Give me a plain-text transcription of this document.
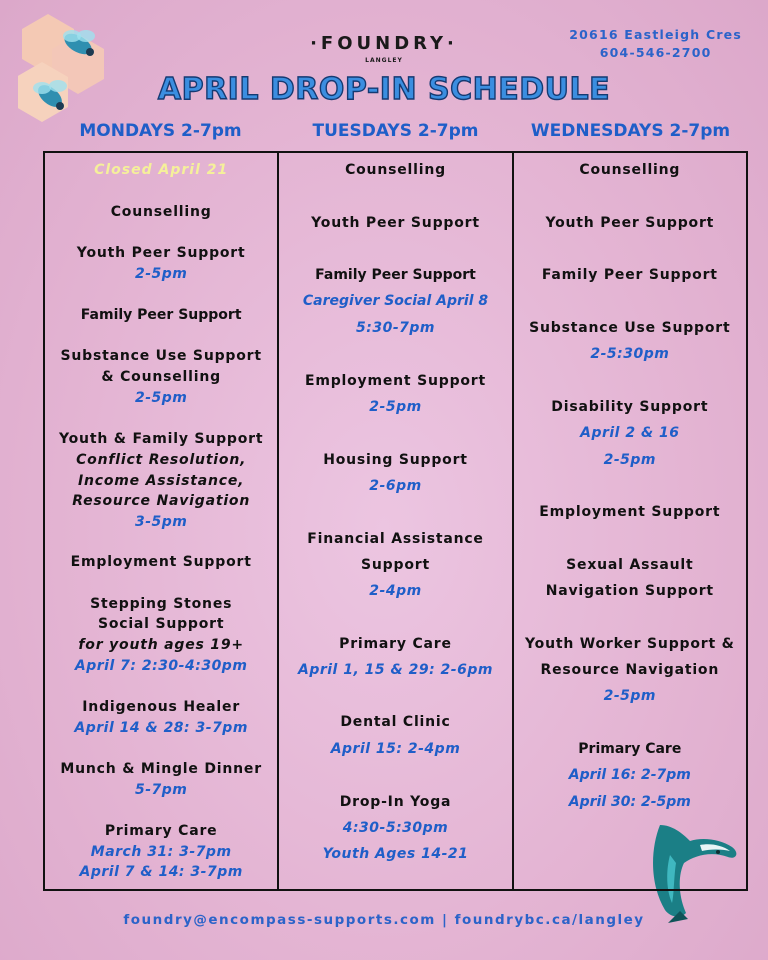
·FOUNDRY·
LANGLEY
20616 Eastleigh Cres
604-546-2700
APRIL DROP-IN SCHEDULE
MONDAYS 2-7pm	TUESDAYS 2-7pm	WEDNESDAYS 2-7pm
Closed April 21
Counselling
Youth Peer Support
2-5pm
Family Peer Support
Substance Use Support
& Counselling
2-5pm
Youth & Family Support
Conflict Resolution,
Income Assistance,
Resource Navigation
3-5pm
Employment Support
Stepping Stones
Social Support
for youth ages 19+
April 7: 2:30-4:30pm
Indigenous Healer
April 14 & 28: 3-7pm
Munch & Mingle Dinner
5-7pm
Primary Care
March 31: 3-7pm
April 7 & 14: 3-7pm
Counselling
Youth Peer Support
Family Peer Support
Caregiver Social April 8
5:30-7pm
Employment Support
2-5pm
Housing Support
2-6pm
Financial Assistance
Support
2-4pm
Primary Care
April 1, 15 & 29: 2-6pm
Dental Clinic
April 15: 2-4pm
Drop-In Yoga
4:30-5:30pm
Youth Ages 14-21
Counselling
Youth Peer Support
Family Peer Support
Substance Use Support
2-5:30pm
Disability Support
April 2 & 16
2-5pm
Employment Support
Sexual Assault
Navigation Support
Youth Worker Support &
Resource Navigation
2-5pm
Primary Care
April 16: 2-7pm
April 30: 2-5pm
foundry@encompass-supports.com | foundrybc.ca/langley
